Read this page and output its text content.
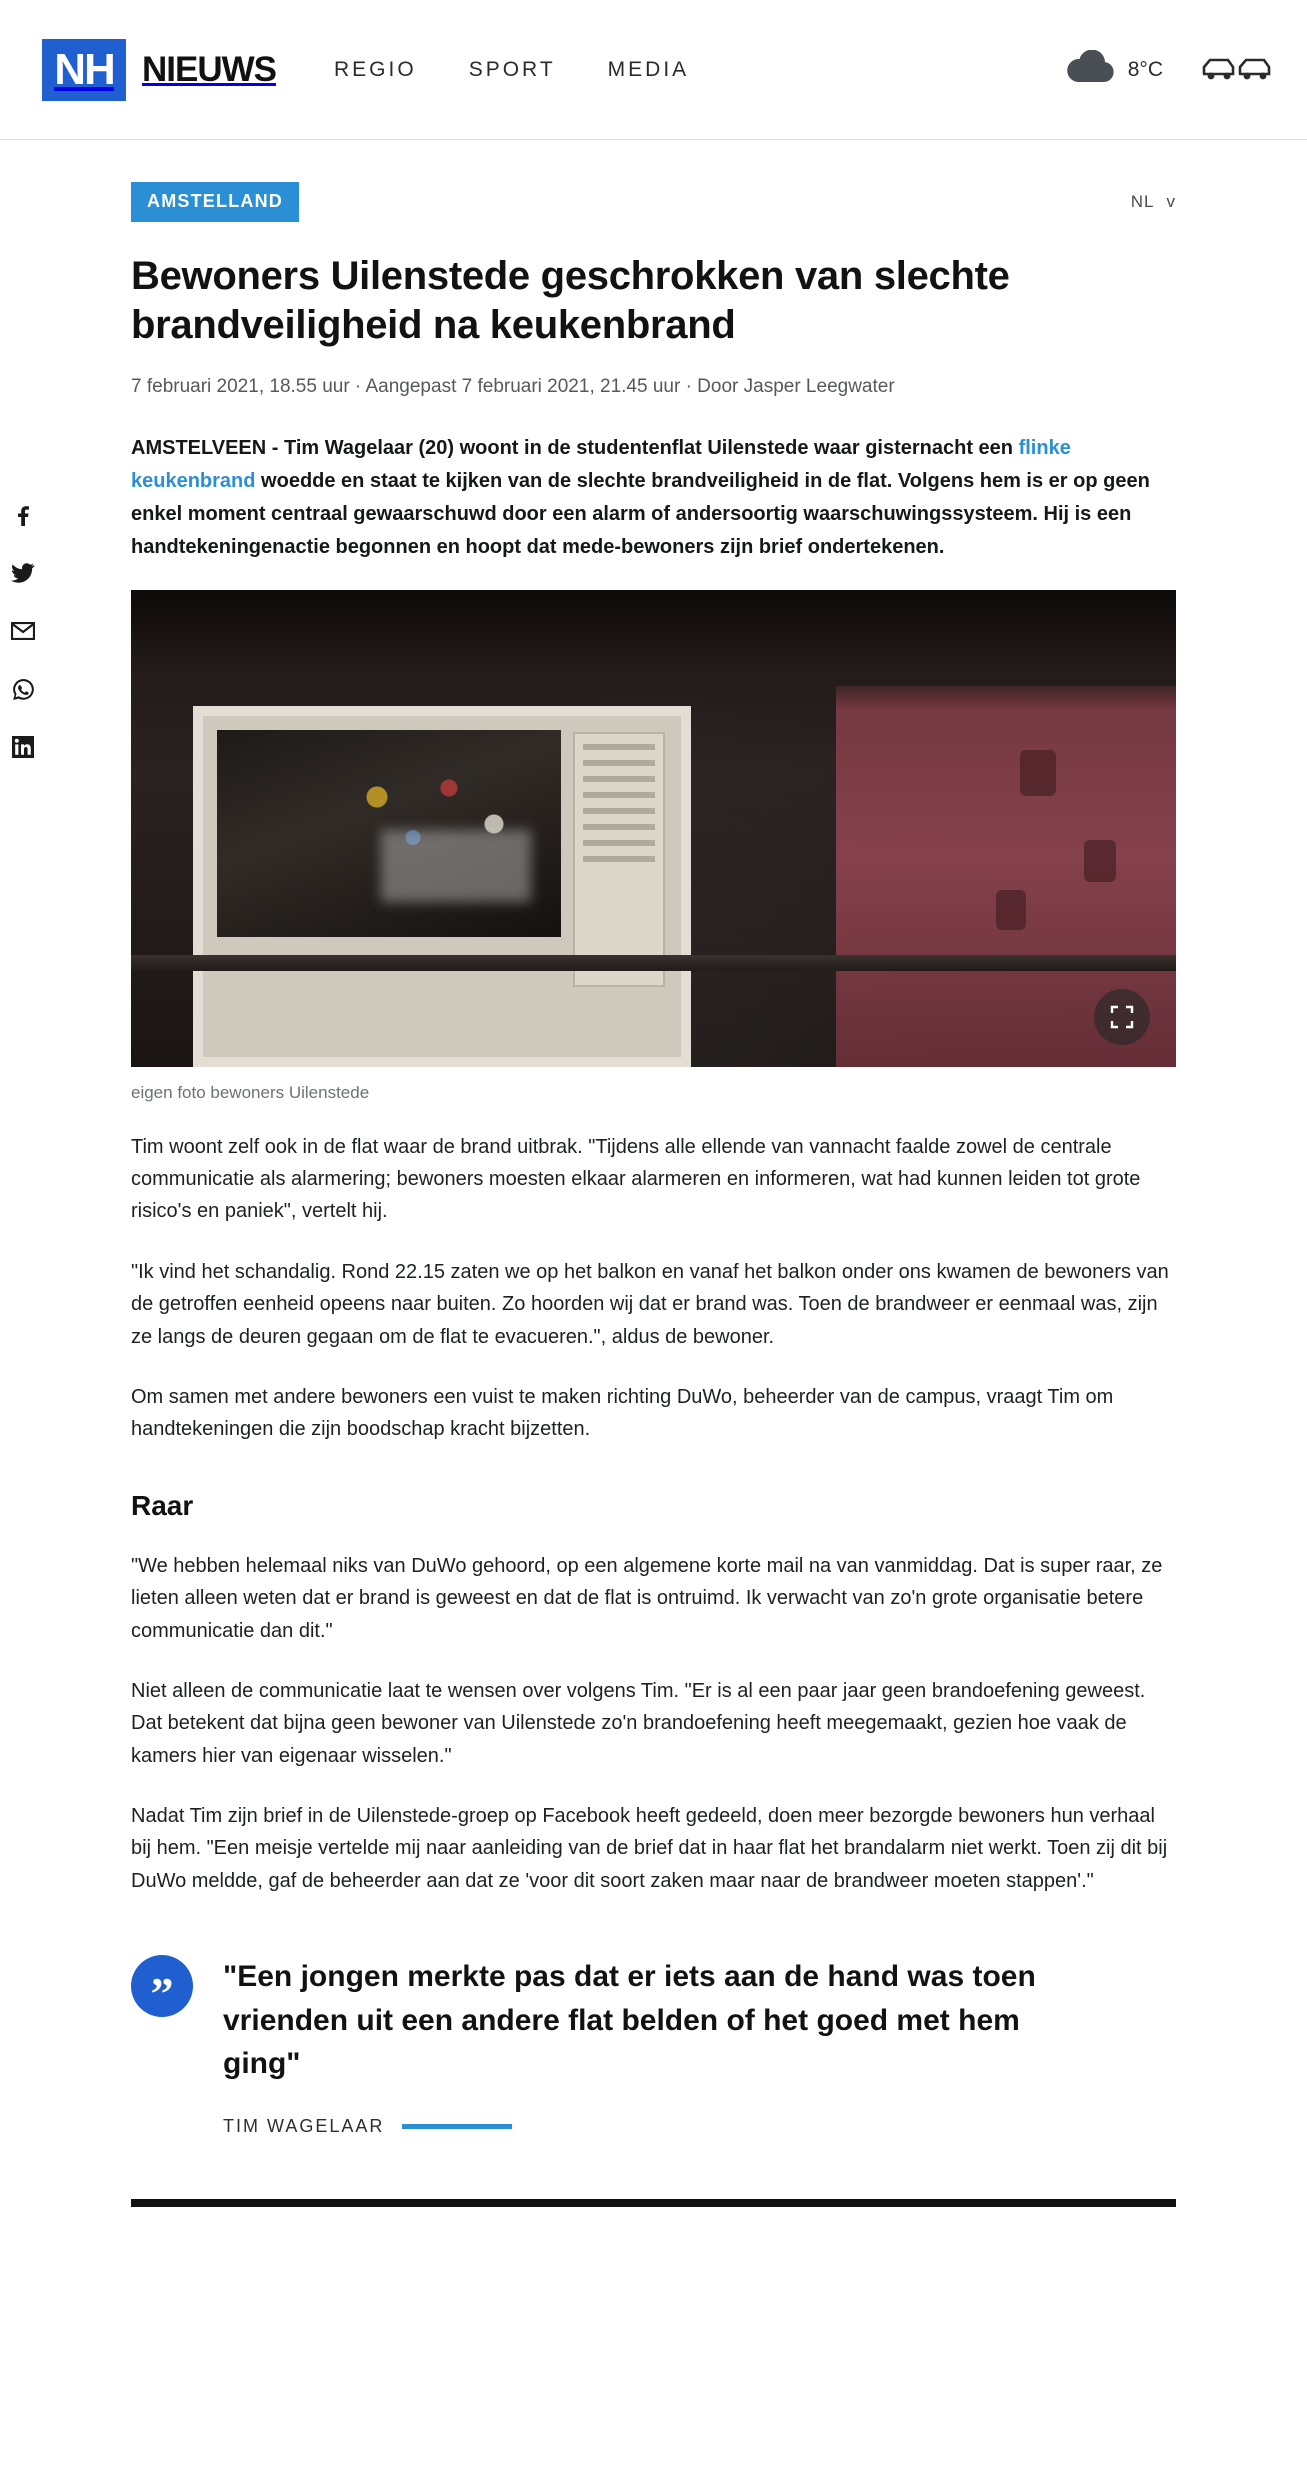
NH NIEUWS	REGIO SPORT MEDIA	8°C
AMSTELLAND	NL v
Bewoners Uilenstede geschrokken van slechte brandveiligheid na keukenbrand
7 februari 2021, 18.55 uur · Aangepast 7 februari 2021, 21.45 uur · Door Jasper Leegwater

AMSTELVEEN - Tim Wagelaar (20) woont in de studentenflat Uilenstede waar gisternacht een flinke keukenbrand woedde en staat te kijken van de slechte brandveiligheid in de flat. Volgens hem is er op geen enkel moment centraal gewaarschuwd door een alarm of andersoortig waarschuwingssysteem. Hij is een handtekeningenactie begonnen en hoopt dat mede-bewoners zijn brief ondertekenen.

eigen foto bewoners Uilenstede

Tim woont zelf ook in de flat waar de brand uitbrak. "Tijdens alle ellende van vannacht faalde zowel de centrale communicatie als alarmering; bewoners moesten elkaar alarmeren en informeren, wat had kunnen leiden tot grote risico's en paniek", vertelt hij.

"Ik vind het schandalig. Rond 22.15 zaten we op het balkon en vanaf het balkon onder ons kwamen de bewoners van de getroffen eenheid opeens naar buiten. Zo hoorden wij dat er brand was. Toen de brandweer er eenmaal was, zijn ze langs de deuren gegaan om de flat te evacueren.", aldus de bewoner.

Om samen met andere bewoners een vuist te maken richting DuWo, beheerder van de campus, vraagt Tim om handtekeningen die zijn boodschap kracht bijzetten.

Raar

"We hebben helemaal niks van DuWo gehoord, op een algemene korte mail na van vanmiddag. Dat is super raar, ze lieten alleen weten dat er brand is geweest en dat de flat is ontruimd. Ik verwacht van zo'n grote organisatie betere communicatie dan dit."

Niet alleen de communicatie laat te wensen over volgens Tim. "Er is al een paar jaar geen brandoefening geweest. Dat betekent dat bijna geen bewoner van Uilenstede zo'n brandoefening heeft meegemaakt, gezien hoe vaak de kamers hier van eigenaar wisselen."

Nadat Tim zijn brief in de Uilenstede-groep op Facebook heeft gedeeld, doen meer bezorgde bewoners hun verhaal bij hem. "Een meisje vertelde mij naar aanleiding van de brief dat in haar flat het brandalarm niet werkt. Toen zij dit bij DuWo meldde, gaf de beheerder aan dat ze 'voor dit soort zaken maar naar de brandweer moeten stappen'."

”	"Een jongen merkte pas dat er iets aan de hand was toen vrienden uit een andere flat belden of het goed met hem ging"
TIM WAGELAAR
